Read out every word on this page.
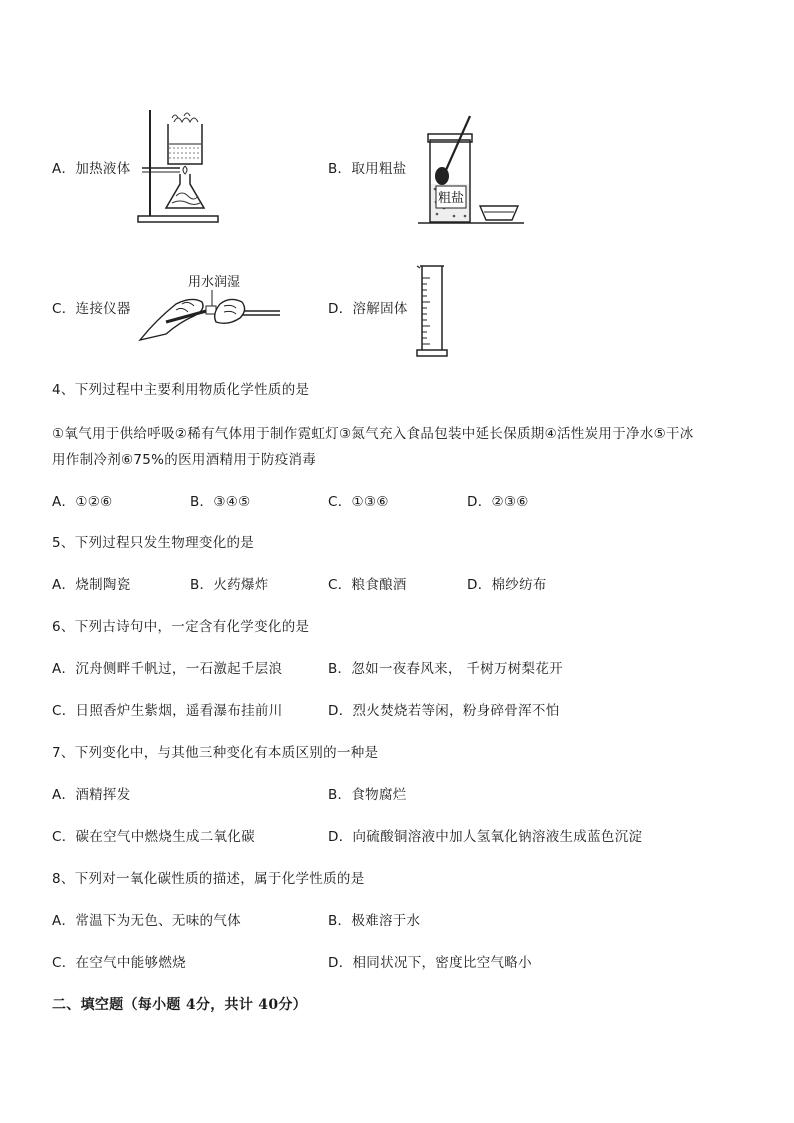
A．加热液体	B．取用粗盐
C．连接仪器	D．溶解固体
粗盐
用水润湿
4、下列过程中主要利用物质化学性质的是
①氧气用于供给呼吸②稀有气体用于制作霓虹灯③氮气充入食品包装中延长保质期④活性炭用于净水⑤干冰
用作制冷剂⑥75%的医用酒精用于防疫消毒
A．①②⑥	B．③④⑤	C．①③⑥	D．②③⑥
5、下列过程只发生物理变化的是
A．烧制陶瓷	B．火药爆炸	C．粮食酿酒	D．棉纱纺布
6、下列古诗句中，一定含有化学变化的是
A．沉舟侧畔千帆过，一石激起千层浪	B．忽如一夜春风来， 千树万树梨花开
C．日照香炉生紫烟，遥看瀑布挂前川	D．烈火焚烧若等闲，粉身碎骨浑不怕
7、下列变化中，与其他三种变化有本质区别的一种是
A．酒精挥发	B．食物腐烂
C．碳在空气中燃烧生成二氧化碳	D．向硫酸铜溶液中加人氢氧化钠溶液生成蓝色沉淀
8、下列对一氧化碳性质的描述，属于化学性质的是
A．常温下为无色、无味的气体	B．极难溶于水
C．在空气中能够燃烧	D．相同状况下，密度比空气略小
二、填空题（每小题 4分，共计 40分）
